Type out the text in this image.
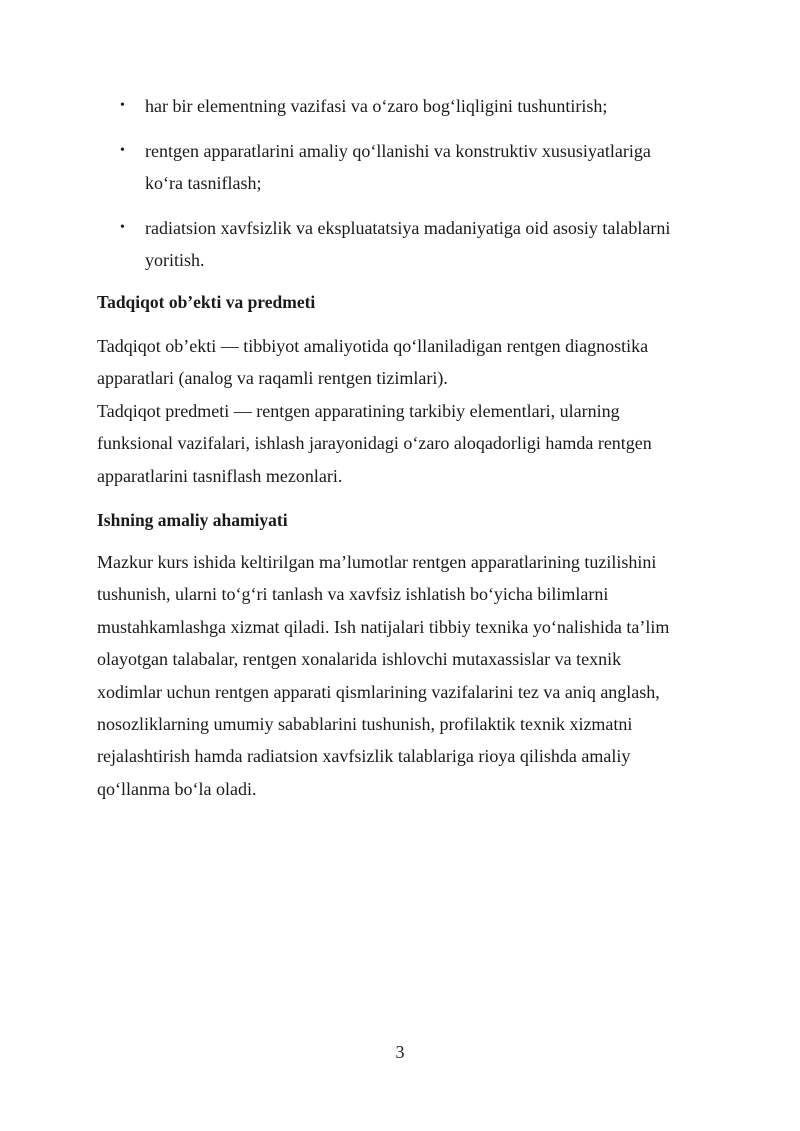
• har bir elementning vazifasi va o‘zaro bog‘liqligini tushuntirish;
• rentgen apparatlarini amaliy qo‘llanishi va konstruktiv xususiyatlariga
ko‘ra tasniflash;
• radiatsion xavfsizlik va ekspluatatsiya madaniyatiga oid asosiy talablarni
yoritish.
Tadqiqot ob’ekti va predmeti

Tadqiqot ob’ekti — tibbiyot amaliyotida qo‘llaniladigan rentgen diagnostika
apparatlari (analog va raqamli rentgen tizimlari).
Tadqiqot predmeti — rentgen apparatining tarkibiy elementlari, ularning
funksional vazifalari, ishlash jarayonidagi o‘zaro aloqadorligi hamda rentgen
apparatlarini tasniflash mezonlari.

Ishning amaliy ahamiyati

Mazkur kurs ishida keltirilgan ma’lumotlar rentgen apparatlarining tuzilishini
tushunish, ularni to‘g‘ri tanlash va xavfsiz ishlatish bo‘yicha bilimlarni
mustahkamlashga xizmat qiladi. Ish natijalari tibbiy texnika yo‘nalishida ta’lim
olayotgan talabalar, rentgen xonalarida ishlovchi mutaxassislar va texnik
xodimlar uchun rentgen apparati qismlarining vazifalarini tez va aniq anglash,
nosozliklarning umumiy sabablarini tushunish, profilaktik texnik xizmatni
rejalashtirish hamda radiatsion xavfsizlik talablariga rioya qilishda amaliy
qo‘llanma bo‘la oladi.

3
